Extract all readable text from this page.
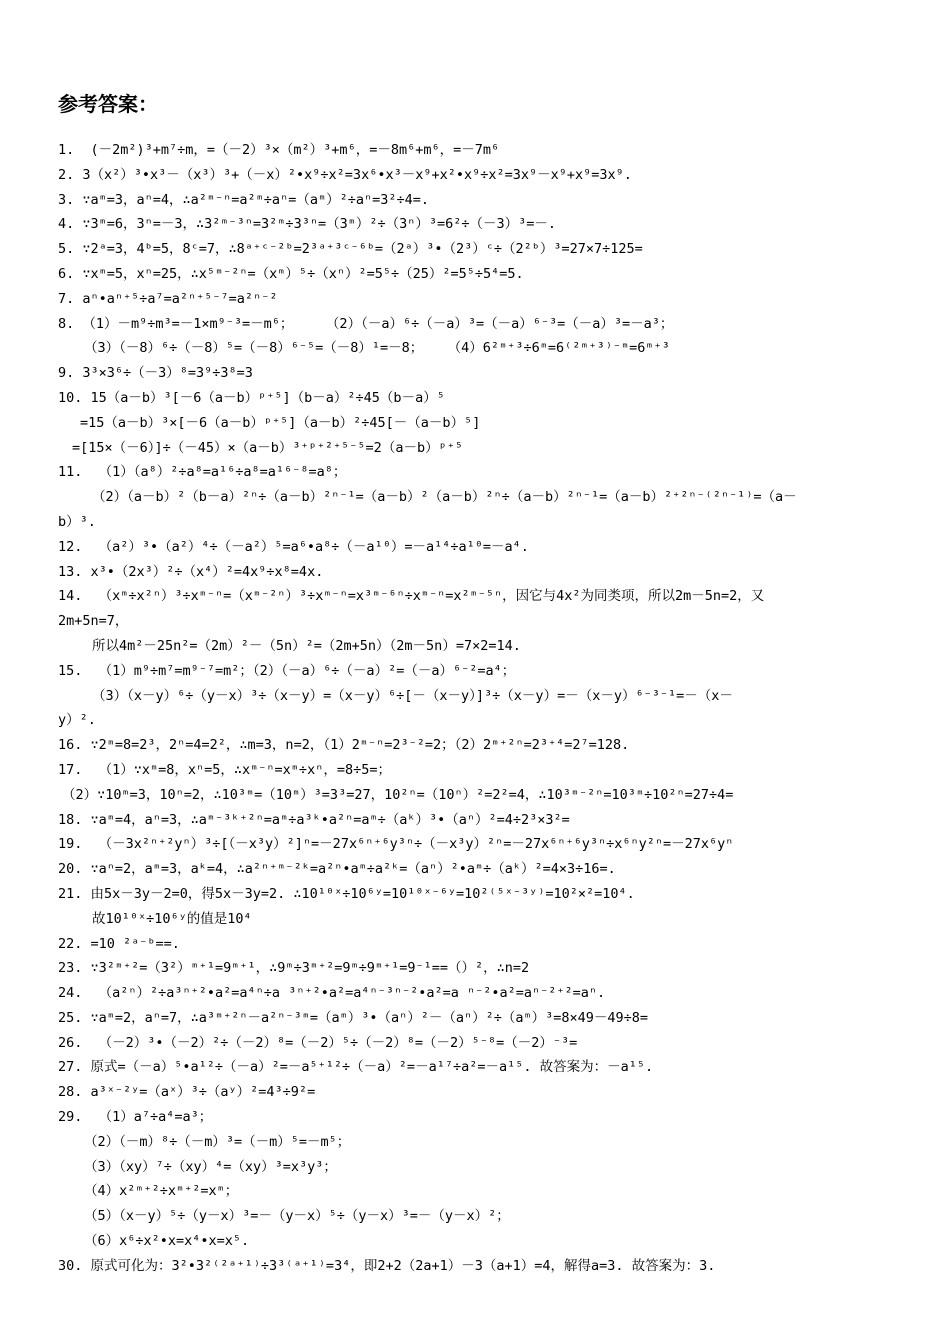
参考答案：
1.  (－2m²)³+m⁷÷m，=（－2）³×（m²）³+m⁶，=－8m⁶+m⁶，=－7m⁶
2. 3（x²）³•x³－（x³）³+（－x）²•x⁹÷x²=3x⁶•x³－x⁹+x²•x⁹÷x²=3x⁹－x⁹+x⁹=3x⁹.
3. ∵aᵐ=3，aⁿ=4，∴a²ᵐ⁻ⁿ=a²ᵐ÷aⁿ=（aᵐ）²÷aⁿ=3²÷4=.
4. ∵3ᵐ=6，3ⁿ=－3，∴3²ᵐ⁻³ⁿ=3²ᵐ÷3³ⁿ=（3ᵐ）²÷（3ⁿ）³=6²÷（－3）³=－.
5. ∵2ᵃ=3，4ᵇ=5，8ᶜ=7，∴8ᵃ⁺ᶜ⁻²ᵇ=2³ᵃ⁺³ᶜ⁻⁶ᵇ=（2ᵃ）³•（2³）ᶜ÷（2²ᵇ）³=27×7÷125=
6. ∵xᵐ=5，xⁿ=25，∴x⁵ᵐ⁻²ⁿ=（xᵐ）⁵÷（xⁿ）²=5⁵÷（25）²=5⁵÷5⁴=5.
7. aⁿ•aⁿ⁺⁵÷a⁷=a²ⁿ⁺⁵⁻⁷=a²ⁿ⁻²
8. （1）－m⁹÷m³=－1×m⁹⁻³=－m⁶；    （2）（－a）⁶÷（－a）³=（－a）⁶⁻³=（－a）³=－a³；
（3）（－8）⁶÷（－8）⁵=（－8）⁶⁻⁵=（－8）¹=－8；   （4）6²ᵐ⁺³÷6ᵐ=6⁽²ᵐ⁺³⁾⁻ᵐ=6ᵐ⁺³
9. 3³×3⁶÷（－3）⁸=3⁹÷3⁸=3
10. 15（a－b）³[－6（a－b）ᵖ⁺⁵]（b－a）²÷45（b－a）⁵
=15（a－b）³×[－6（a－b）ᵖ⁺⁵]（a－b）²÷45[－（a－b）⁵]
=[15×（－6）]÷（－45）×（a－b）³⁺ᵖ⁺²⁺⁵⁻⁵=2（a－b）ᵖ⁺⁵
11.  （1）（a⁸）²÷a⁸=a¹⁶÷a⁸=a¹⁶⁻⁸=a⁸；
（2）（a－b）²（b－a）²ⁿ÷（a－b）²ⁿ⁻¹=（a－b）²（a－b）²ⁿ÷（a－b）²ⁿ⁻¹=（a－b）²⁺²ⁿ⁻⁽²ⁿ⁻¹⁾=（a－
b）³.
12.  （a²）³•（a²）⁴÷（－a²）⁵=a⁶•a⁸÷（－a¹⁰）=－a¹⁴÷a¹⁰=－a⁴.
13. x³•（2x³）²÷（x⁴）²=4x⁹÷x⁸=4x.
14.  （xᵐ÷x²ⁿ）³÷xᵐ⁻ⁿ=（xᵐ⁻²ⁿ）³÷xᵐ⁻ⁿ=x³ᵐ⁻⁶ⁿ÷xᵐ⁻ⁿ=x²ᵐ⁻⁵ⁿ，因它与4x²为同类项，所以2m－5n=2，又
2m+5n=7，
所以4m²－25n²=（2m）²－（5n）²=（2m+5n）（2m－5n）=7×2=14.
15.  （1）m⁹÷m⁷=m⁹⁻⁷=m²；（2）（－a）⁶÷（－a）²=（－a）⁶⁻²=a⁴；
（3）（x－y）⁶÷（y－x）³÷（x－y）=（x－y）⁶÷[－（x－y）]³÷（x－y）=－（x－y）⁶⁻³⁻¹=－（x－
y）².
16. ∵2ᵐ=8=2³，2ⁿ=4=2²，∴m=3，n=2，（1）2ᵐ⁻ⁿ=2³⁻²=2；（2）2ᵐ⁺²ⁿ=2³⁺⁴=2⁷=128.
17.  （1）∵xᵐ=8，xⁿ=5，∴xᵐ⁻ⁿ=xᵐ÷xⁿ，=8÷5=；
（2）∵10ᵐ=3，10ⁿ=2，∴10³ᵐ=（10ᵐ）³=3³=27，10²ⁿ=（10ⁿ）²=2²=4，∴10³ᵐ⁻²ⁿ=10³ᵐ÷10²ⁿ=27÷4=
18. ∵aᵐ=4，aⁿ=3，∴aᵐ⁻³ᵏ⁺²ⁿ=aᵐ÷a³ᵏ•a²ⁿ=aᵐ÷（aᵏ）³•（aⁿ）²=4÷2³×3²=
19.  （－3x²ⁿ⁺²yⁿ）³÷[（－x³y）²]ⁿ=－27x⁶ⁿ⁺⁶y³ⁿ÷（－x³y）²ⁿ=－27x⁶ⁿ⁺⁶y³ⁿ÷x⁶ⁿy²ⁿ=－27x⁶yⁿ
20. ∵aⁿ=2，aᵐ=3，aᵏ=4，∴a²ⁿ⁺ᵐ⁻²ᵏ=a²ⁿ•aᵐ÷a²ᵏ=（aⁿ）²•aᵐ÷（aᵏ）²=4×3÷16=.
21. 由5x－3y－2=0，得5x－3y=2. ∴10¹⁰ˣ÷10⁶ʸ=10¹⁰ˣ⁻⁶ʸ=10²⁽⁵ˣ⁻³ʸ⁾=10²×²=10⁴.
故10¹⁰ˣ÷10⁶ʸ的值是10⁴
22. =10 ²ᵃ⁻ᵇ==.
23. ∵3²ᵐ⁺²=（3²）ᵐ⁺¹=9ᵐ⁺¹，∴9ᵐ÷3ᵐ⁺²=9ᵐ÷9ᵐ⁺¹=9⁻¹==（）²，∴n=2
24.  （a²ⁿ）²÷a³ⁿ⁺²•a²=a⁴ⁿ÷a ³ⁿ⁺²•a²=a⁴ⁿ⁻³ⁿ⁻²•a²=a ⁿ⁻²•a²=aⁿ⁻²⁺²=aⁿ.
25. ∵aᵐ=2，aⁿ=7，∴a³ᵐ⁺²ⁿ－a²ⁿ⁻³ᵐ=（aᵐ）³•（aⁿ）²－（aⁿ）²÷（aᵐ）³=8×49－49÷8=
26.  （－2）³•（－2）²÷（－2）⁸=（－2）⁵÷（－2）⁸=（－2）⁵⁻⁸=（－2）⁻³=
27. 原式=（－a）⁵•a¹²÷（－a）²=－a⁵⁺¹²÷（－a）²=－a¹⁷÷a²=－a¹⁵. 故答案为：－a¹⁵.
28. a³ˣ⁻²ʸ=（aˣ）³÷（aʸ）²=4³÷9²=
29.  （1）a⁷÷a⁴=a³；
（2）（－m）⁸÷（－m）³=（－m）⁵=－m⁵；
（3）（xy）⁷÷（xy）⁴=（xy）³=x³y³；
（4）x²ᵐ⁺²÷xᵐ⁺²=xᵐ；
（5）（x－y）⁵÷（y－x）³=－（y－x）⁵÷（y－x）³=－（y－x）²；
（6）x⁶÷x²•x=x⁴•x=x⁵.
30. 原式可化为：3²•3²⁽²ᵃ⁺¹⁾÷3³⁽ᵃ⁺¹⁾=3⁴，即2+2（2a+1）－3（a+1）=4，解得a=3. 故答案为：3.
